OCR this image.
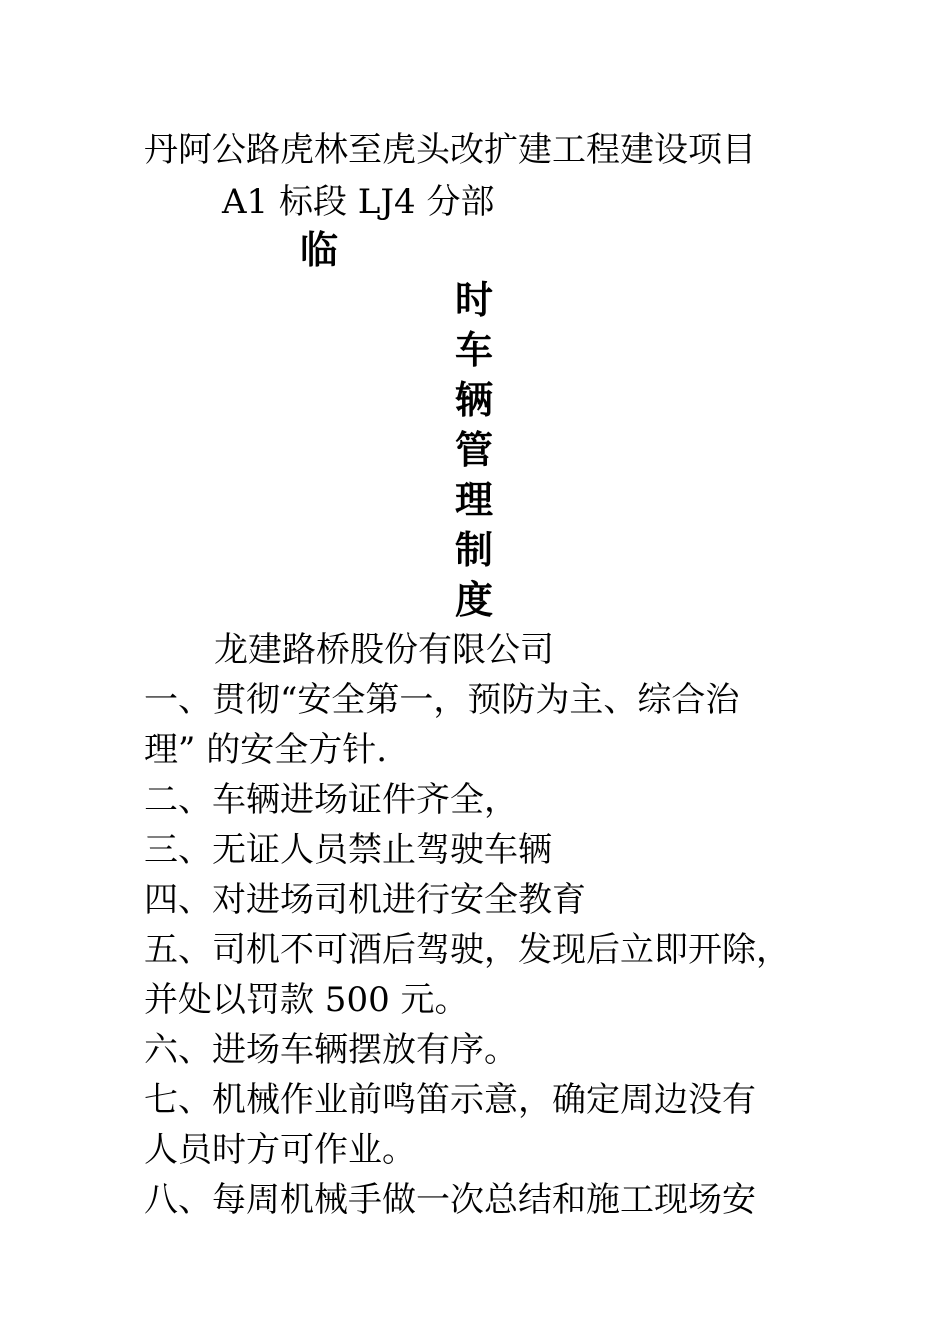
丹阿公路虎林至虎头改扩建工程建设项目
A1 标段 LJ4 分部
临
时
车
辆
管
理
制
度
龙建路桥股份有限公司
一、贯彻“安全第一，预防为主、综合治
理” 的安全方针.
二、车辆进场证件齐全，
三、无证人员禁止驾驶车辆
四、对进场司机进行安全教育
五、司机不可酒后驾驶，发现后立即开除，
并处以罚款 500 元。
六、进场车辆摆放有序。
七、机械作业前鸣笛示意，确定周边没有
人员时方可作业。
八、每周机械手做一次总结和施工现场安
